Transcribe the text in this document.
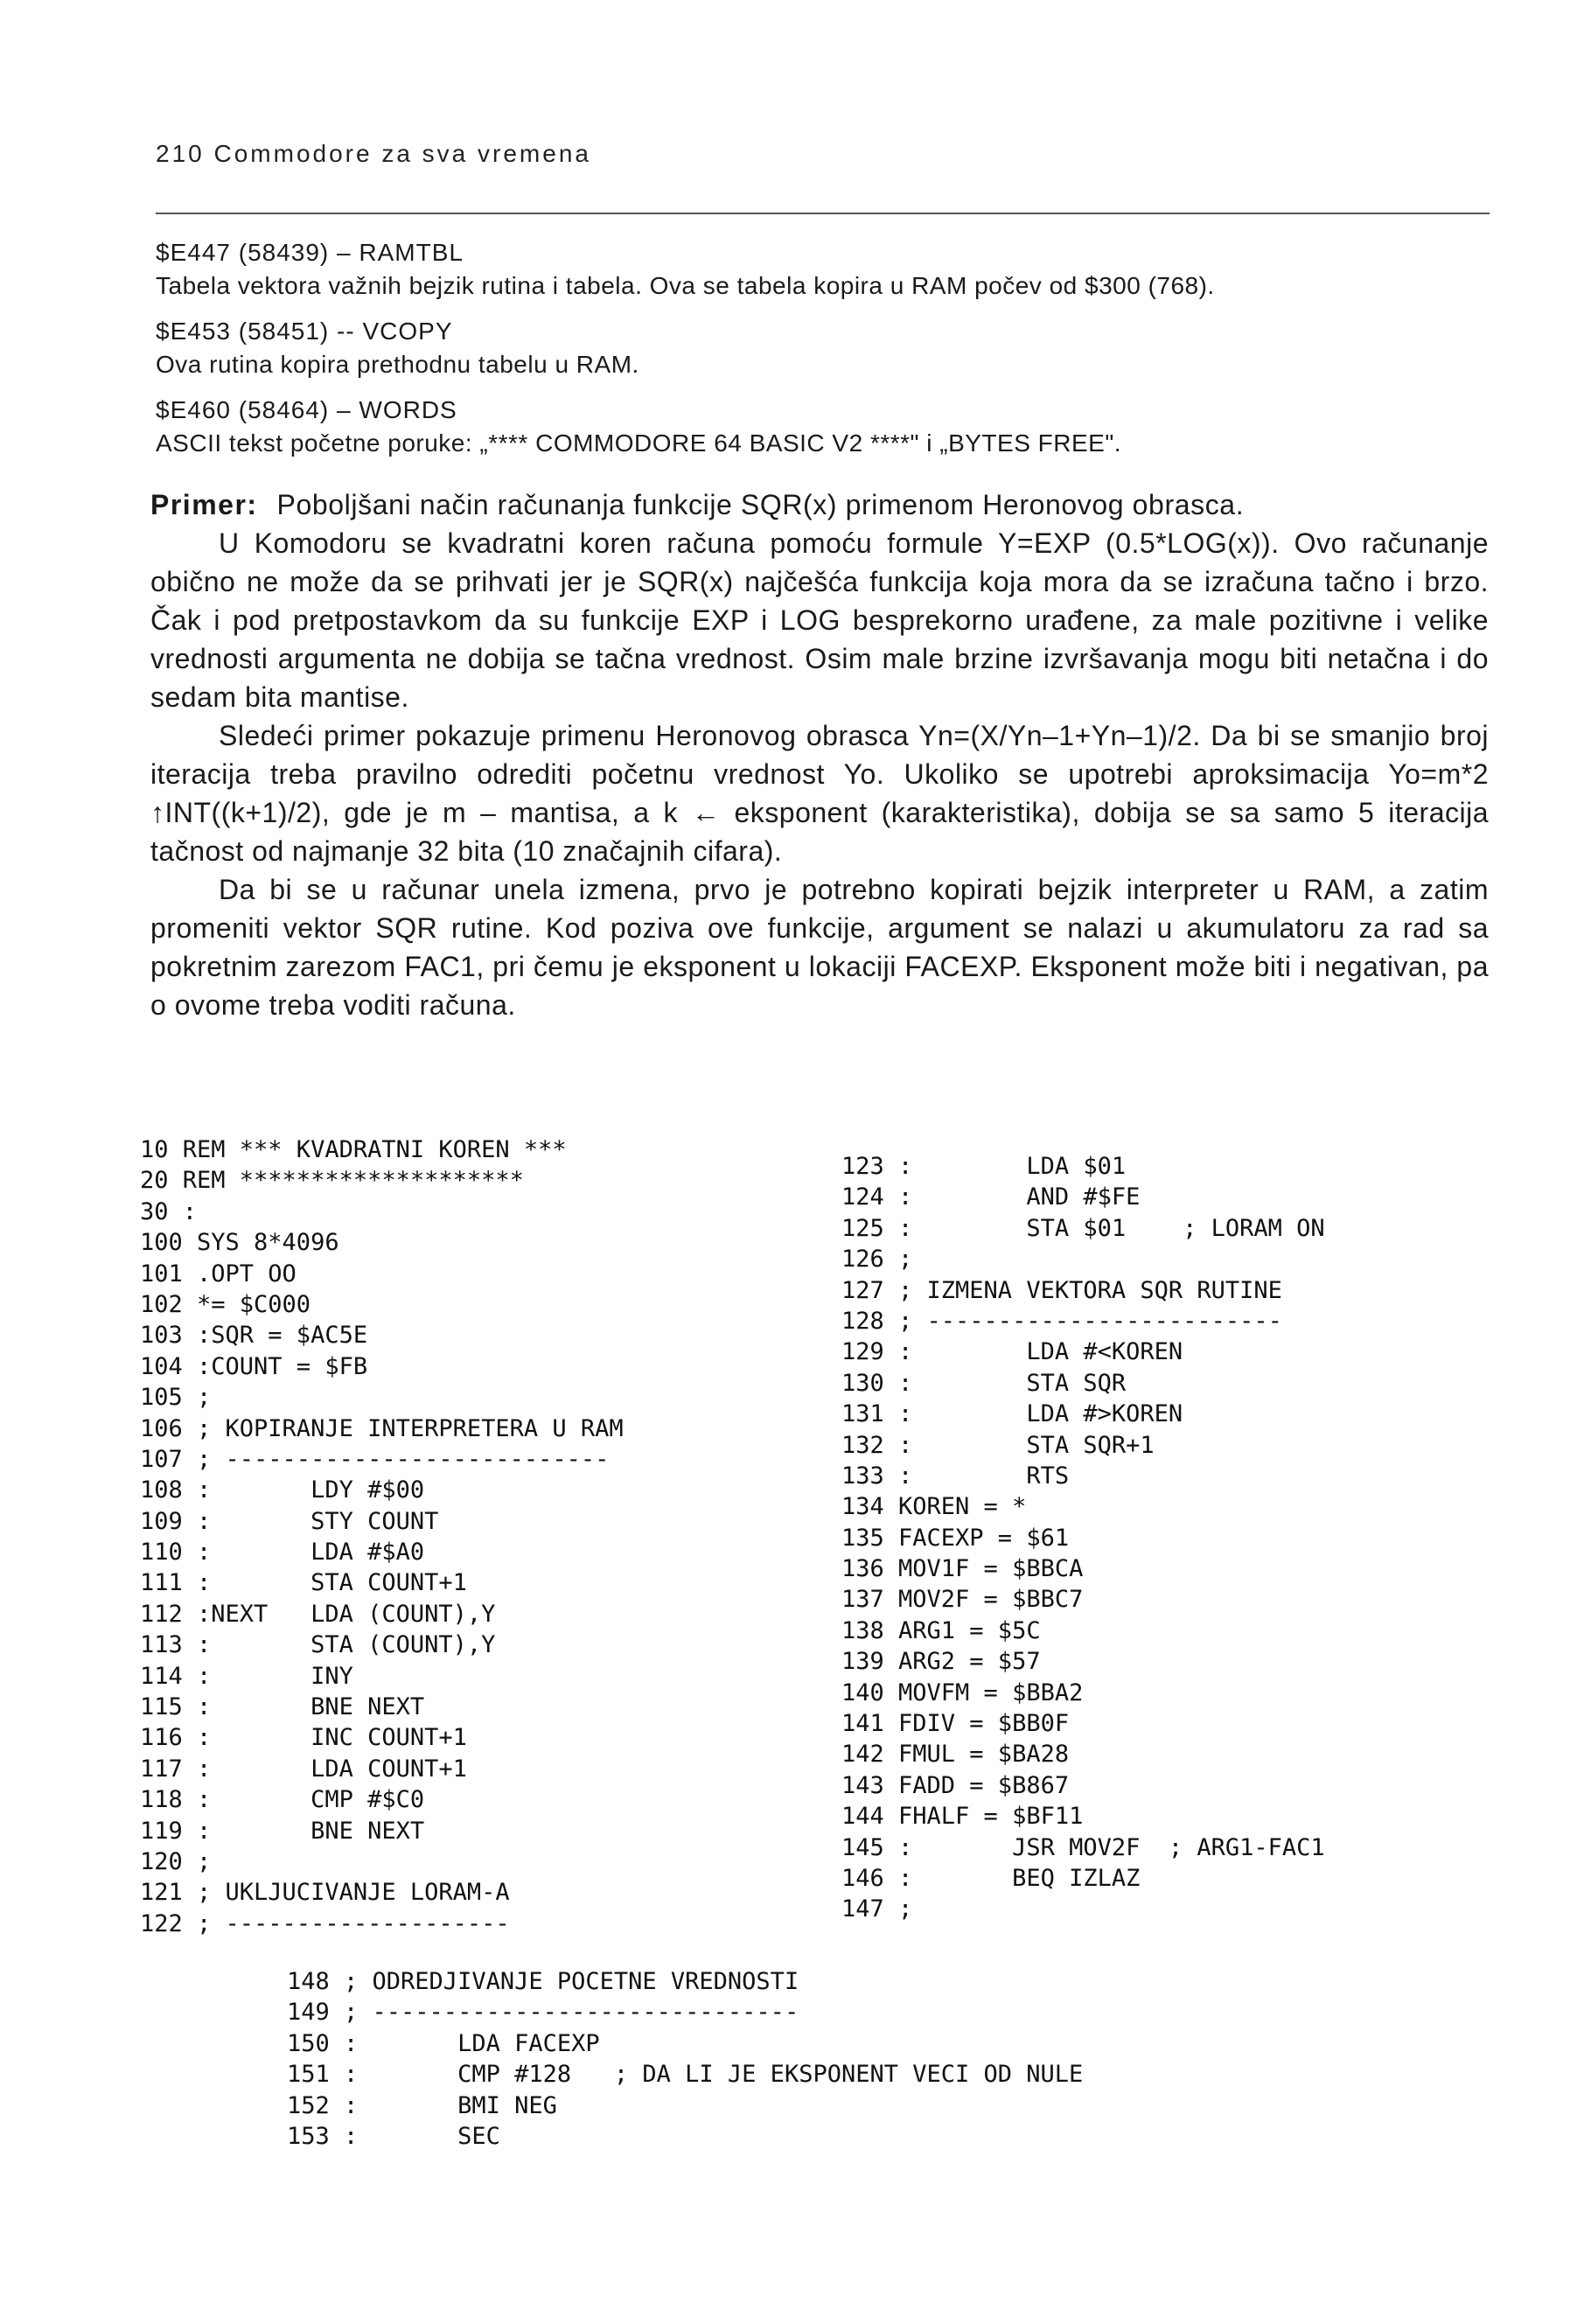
210 Commodore za sva vremena
$E447 (58439) – RAMTBL
Tabela vektora važnih bejzik rutina i tabela. Ova se tabela kopira u RAM počev od $300 (768).
$E453 (58451) -- VCOPY
Ova rutina kopira prethodnu tabelu u RAM.
$E460 (58464) – WORDS
ASCII tekst početne poruke: „**** COMMODORE 64 BASIC V2 ****" i „BYTES FREE".
Primer: Poboljšani način računanja funkcije SQR(x) primenom Heronovog obrasca.

U Komodoru se kvadratni koren računa pomoću formule Y=EXP (0.5*LOG(x)). Ovo računanje obično ne može da se prihvati jer je SQR(x) najčešća funkcija koja mora da se izračuna tačno i brzo. Čak i pod pretpostavkom da su funkcije EXP i LOG besprekorno urađene, za male pozitivne i velike vrednosti argumenta ne dobija se tačna vrednost. Osim male brzine izvršavanja mogu biti netačna i do sedam bita mantise.

Sledeći primer pokazuje primenu Heronovog obrasca Yn=(X/Yn–1+Yn–1)/2. Da bi se smanjio broj iteracija treba pravilno odrediti početnu vrednost Yo. Ukoliko se upotrebi aproksimacija Yo=m*2 ↑INT((k+1)/2), gde je m – mantisa, a k ← eksponent (karakteristika), dobija se sa samo 5 iteracija tačnost od najmanje 32 bita (10 značajnih cifara).

Da bi se u računar unela izmena, prvo je potrebno kopirati bejzik interpreter u RAM, a zatim promeniti vektor SQR rutine. Kod poziva ove funkcije, argument se nalazi u akumulatoru za rad sa pokretnim zarezom FAC1, pri čemu je eksponent u lokaciji FACEXP. Eksponent može biti i negativan, pa o ovome treba voditi računa.

10 REM *** KVADRATNI KOREN ***
20 REM ********************
30 :
100 SYS 8*4096
101 .OPT OO
102 *= $C000
103 :SQR = $AC5E
104 :COUNT = $FB
105 ;
106 ; KOPIRANJE INTERPRETERA U RAM
107 ; ---------------------------
108 :       LDY #$00
109 :       STY COUNT
110 :       LDA #$A0
111 :       STA COUNT+1
112 :NEXT   LDA (COUNT),Y
113 :       STA (COUNT),Y
114 :       INY
115 :       BNE NEXT
116 :       INC COUNT+1
117 :       LDA COUNT+1
118 :       CMP #$C0
119 :       BNE NEXT
120 ;
121 ; UKLJUCIVANJE LORAM-A
122 ; --------------------
123 :        LDA $01
124 :        AND #$FE
125 :        STA $01    ; LORAM ON
126 ;
127 ; IZMENA VEKTORA SQR RUTINE
128 ; -------------------------
129 :        LDA #<KOREN
130 :        STA SQR
131 :        LDA #>KOREN
132 :        STA SQR+1
133 :        RTS
134 KOREN = *
135 FACEXP = $61
136 MOV1F = $BBCA
137 MOV2F = $BBC7
138 ARG1 = $5C
139 ARG2 = $57
140 MOVFM = $BBA2
141 FDIV = $BB0F
142 FMUL = $BA28
143 FADD = $B867
144 FHALF = $BF11
145 :       JSR MOV2F  ; ARG1-FAC1
146 :       BEQ IZLAZ
147 ;
148 ; ODREDJIVANJE POCETNE VREDNOSTI
149 ; ------------------------------
150 :       LDA FACEXP
151 :       CMP #128   ; DA LI JE EKSPONENT VECI OD NULE
152 :       BMI NEG
153 :       SEC
